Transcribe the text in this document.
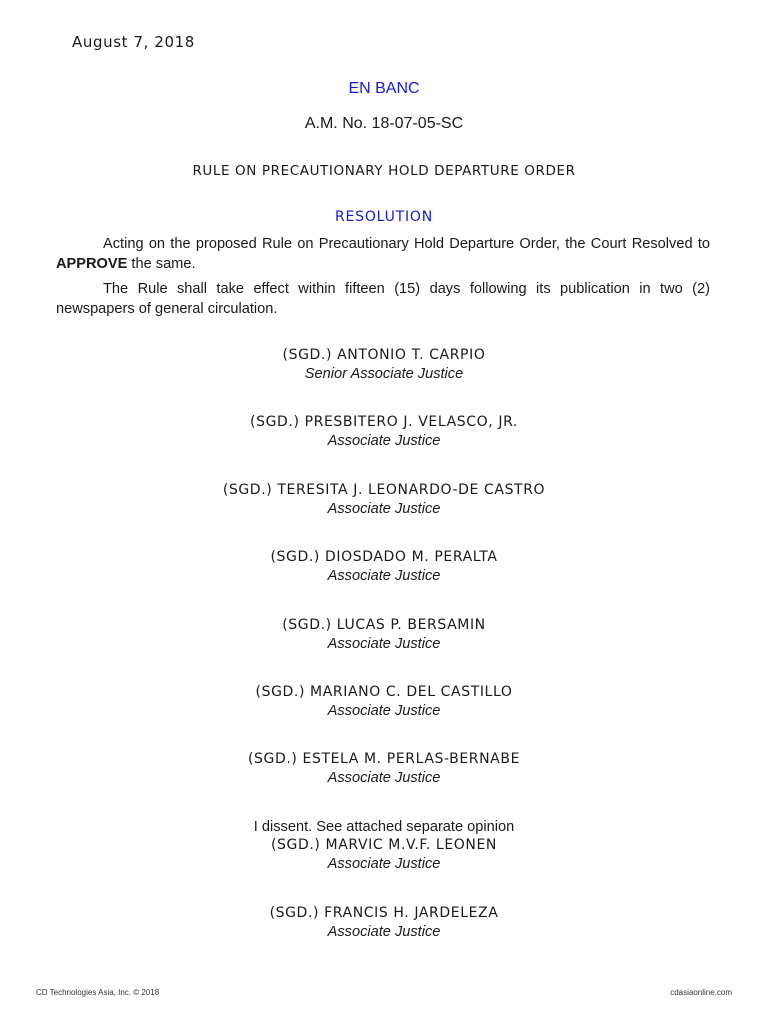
August 7, 2018
EN BANC
A.M. No. 18-07-05-SC
RULE ON PRECAUTIONARY HOLD DEPARTURE ORDER
RESOLUTION

Acting on the proposed Rule on Precautionary Hold Departure Order, the Court Resolved to APPROVE the same.

The Rule shall take effect within fifteen (15) days following its publication in two (2) newspapers of general circulation.

(SGD.) ANTONIO T. CARPIO
Senior Associate Justice
(SGD.) PRESBITERO J. VELASCO, JR.
Associate Justice
(SGD.) TERESITA J. LEONARDO-DE CASTRO
Associate Justice
(SGD.) DIOSDADO M. PERALTA
Associate Justice
(SGD.) LUCAS P. BERSAMIN
Associate Justice
(SGD.) MARIANO C. DEL CASTILLO
Associate Justice
(SGD.) ESTELA M. PERLAS-BERNABE
Associate Justice
I dissent. See attached separate opinion
(SGD.) MARVIC M.V.F. LEONEN
Associate Justice
(SGD.) FRANCIS H. JARDELEZA
Associate Justice
CD Technologies Asia, Inc. © 2018	cdasiaonline.com
